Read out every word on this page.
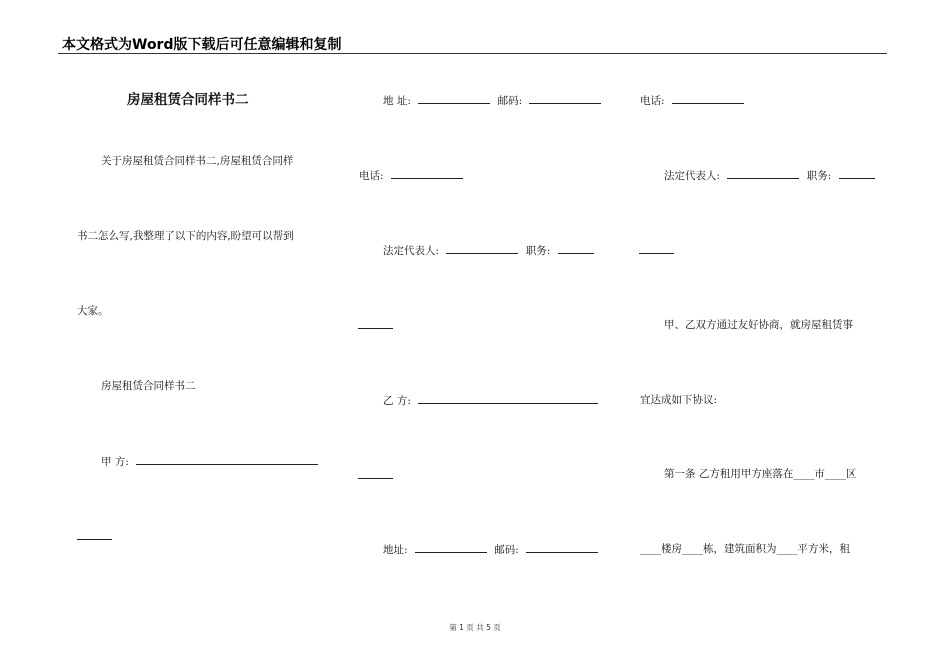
本文格式为Word版下载后可任意编辑和复制
房屋租赁合同样书二
关于房屋租赁合同样书二,房屋租赁合同样
书二怎么写,我整理了以下的内容,盼望可以帮到
大家。
房屋租赁合同样书二
甲 方:
地 址:	邮码:
电话:
法定代表人:	职务:
乙 方:
地址:	邮码:
电话:
法定代表人:	职务:
甲、乙双方通过友好协商，就房屋租赁事
宜达成如下协议:
第一条 乙方租用甲方座落在____市____区
____楼房____栋，建筑面积为____平方米，租
第 1 页 共 5 页
